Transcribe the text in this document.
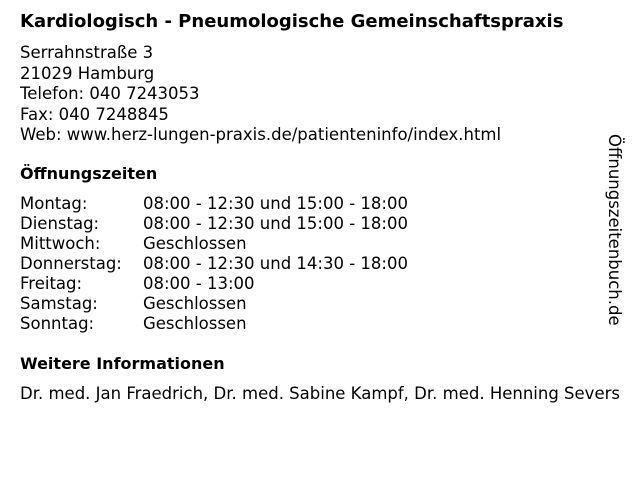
Kardiologisch - Pneumologische Gemeinschaftspraxis
Serrahnstraße 3
21029 Hamburg
Telefon: 040 7243053
Fax: 040 7248845
Web: www.herz-lungen-praxis.de/patienteninfo/index.html
Öffnungszeiten
Montag:	08:00 - 12:30 und 15:00 - 18:00
Dienstag:	08:00 - 12:30 und 15:00 - 18:00
Mittwoch:	Geschlossen
Donnerstag:	08:00 - 12:30 und 14:30 - 18:00
Freitag:	08:00 - 13:00
Samstag:	Geschlossen
Sonntag:	Geschlossen
Weitere Informationen
Dr. med. Jan Fraedrich, Dr. med. Sabine Kampf, Dr. med. Henning Severs
Öffnungszeitenbuch.de
